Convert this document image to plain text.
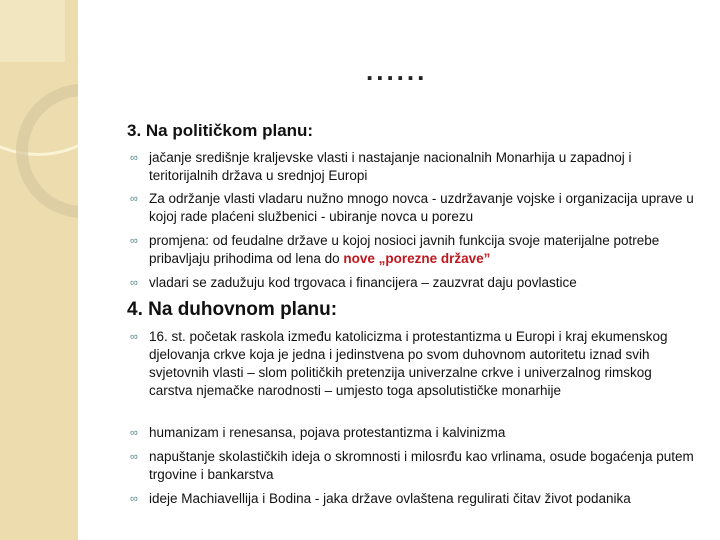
......
3. Na političkom planu:
∞ jačanje središnje kraljevske vlasti i nastajanje nacionalnih Monarhija u zapadnoj i teritorijalnih država u srednjoj Europi
∞ Za održanje vlasti vladaru nužno mnogo novca - uzdržavanje vojske i organizacija uprave u kojoj rade plaćeni službenici - ubiranje novca u porezu
∞ promjena: od feudalne države u kojoj nosioci javnih funkcija svoje materijalne potrebe pribavljaju prihodima od lena do nove „porezne države”
∞ vladari se zadužuju kod trgovaca i financijera – zauzvrat daju povlastice
4. Na duhovnom planu:
∞ 16. st. početak raskola između katolicizma i protestantizma u Europi i kraj ekumenskog djelovanja crkve koja je jedna i jedinstvena po svom duhovnom autoritetu iznad svih svjetovnih vlasti – slom političkih pretenzija univerzalne crkve i univerzalnog rimskog carstva njemačke narodnosti – umjesto toga apsolutističke monarhije
∞ humanizam i renesansa, pojava protestantizma i kalvinizma
∞ napuštanje skolastičkih ideja o skromnosti i milosrđu kao vrlinama, osude bogaćenja putem trgovine i bankarstva
∞ ideje Machiavellija i Bodina - jaka države ovlaštena regulirati čitav život podanika
